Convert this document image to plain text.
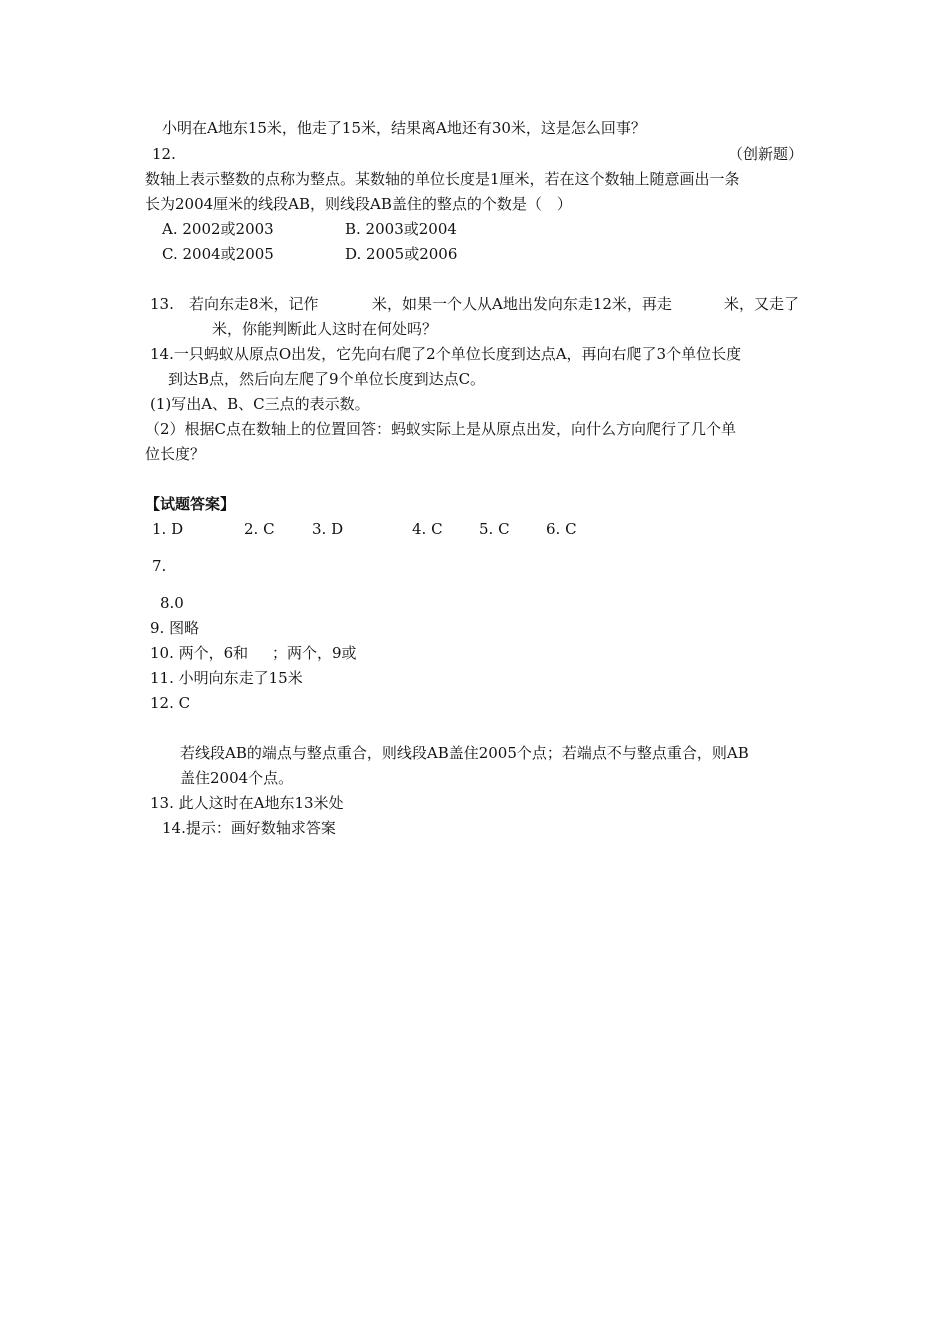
小明在A地东15米，他走了15米，结果离A地还有30米，这是怎么回事？
12.	（创新题）
数轴上表示整数的点称为整点。某数轴的单位长度是1厘米，若在这个数轴上随意画出一条
长为2004厘米的线段AB，则线段AB盖住的整点的个数是（　）
A. 2002或2003	B. 2003或2004
C. 2004或2005	D. 2005或2006
13. 若向东走8米，记作	米，如果一个人从A地出发向东走12米，再走	米，又走了
米，你能判断此人这时在何处吗？
14.一只蚂蚁从原点O出发，它先向右爬了2个单位长度到达点A，再向右爬了3个单位长度
到达B点，然后向左爬了9个单位长度到达点C。
(1)写出A、B、C三点的表示数。
（2）根据C点在数轴上的位置回答：蚂蚁实际上是从原点出发，向什么方向爬行了几个单
位长度？
【试题答案】
1. D	2. C 3. D	4. C 5. C 6. C
7.
8.0
9. 图略
10. 两个，6和 ；两个，9或
11. 小明向东走了15米
12. C
若线段AB的端点与整点重合，则线段AB盖住2005个点；若端点不与整点重合，则AB
盖住2004个点。
13. 此人这时在A地东13米处
14.提示：画好数轴求答案
